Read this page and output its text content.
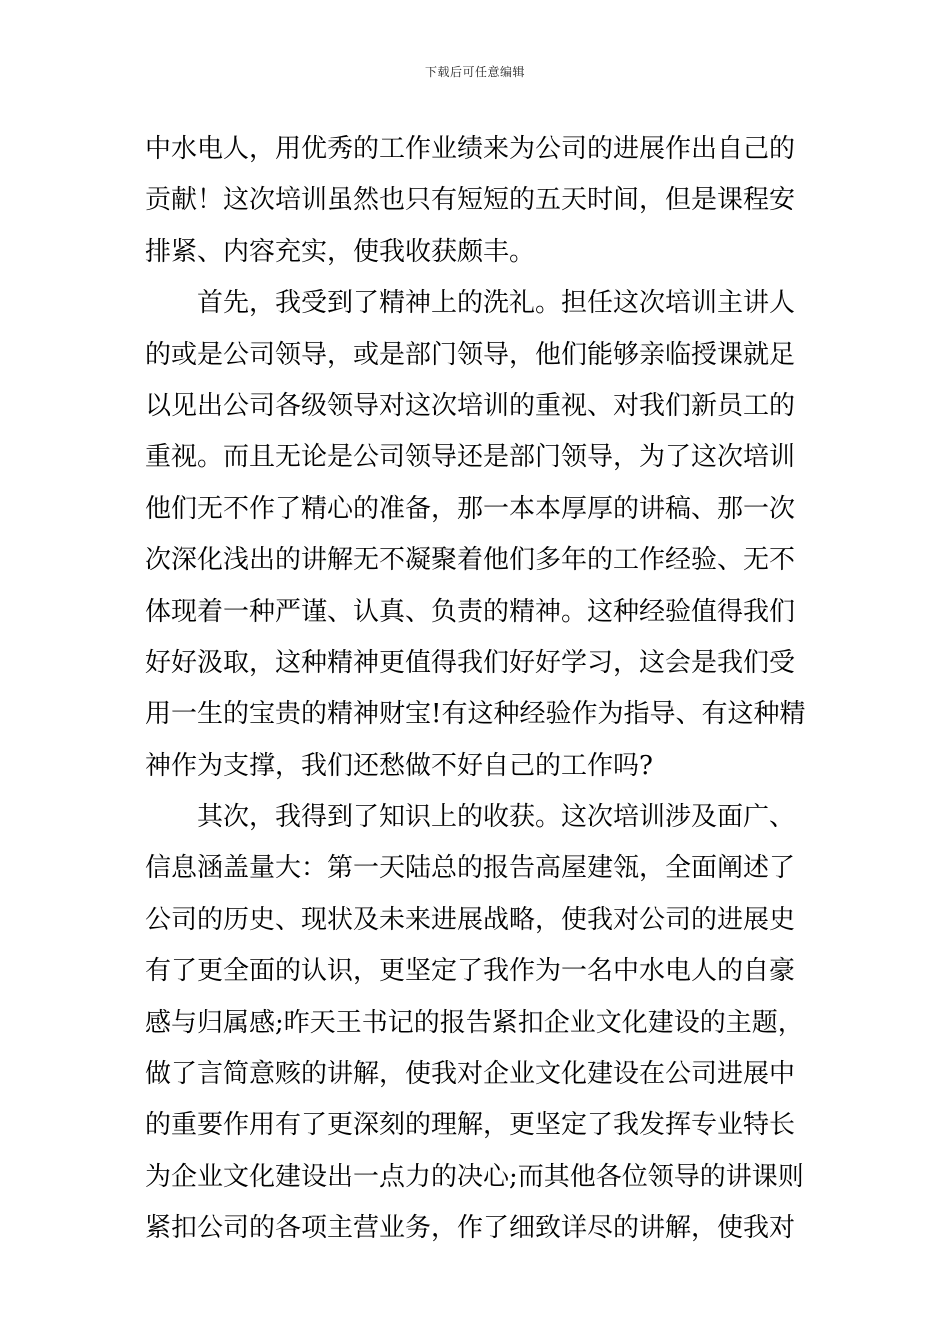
下载后可任意编辑
中水电人，用优秀的工作业绩来为公司的进展作出自己的
贡献！这次培训虽然也只有短短的五天时间，但是课程安
排紧、内容充实，使我收获颇丰。
首先，我受到了精神上的洗礼。担任这次培训主讲人
的或是公司领导，或是部门领导，他们能够亲临授课就足
以见出公司各级领导对这次培训的重视、对我们新员工的
重视。而且无论是公司领导还是部门领导，为了这次培训
他们无不作了精心的准备，那一本本厚厚的讲稿、那一次
次深化浅出的讲解无不凝聚着他们多年的工作经验、无不
体现着一种严谨、认真、负责的精神。这种经验值得我们
好好汲取，这种精神更值得我们好好学习，这会是我们受
用一生的宝贵的精神财宝!有这种经验作为指导、有这种精
神作为支撑，我们还愁做不好自己的工作吗?
其次，我得到了知识上的收获。这次培训涉及面广、
信息涵盖量大：第一天陆总的报告高屋建瓴，全面阐述了
公司的历史、现状及未来进展战略，使我对公司的进展史
有了更全面的认识，更坚定了我作为一名中水电人的自豪
感与归属感;昨天王书记的报告紧扣企业文化建设的主题，
做了言简意赅的讲解，使我对企业文化建设在公司进展中
的重要作用有了更深刻的理解，更坚定了我发挥专业特长
为企业文化建设出一点力的决心;而其他各位领导的讲课则
紧扣公司的各项主营业务，作了细致详尽的讲解，使我对
